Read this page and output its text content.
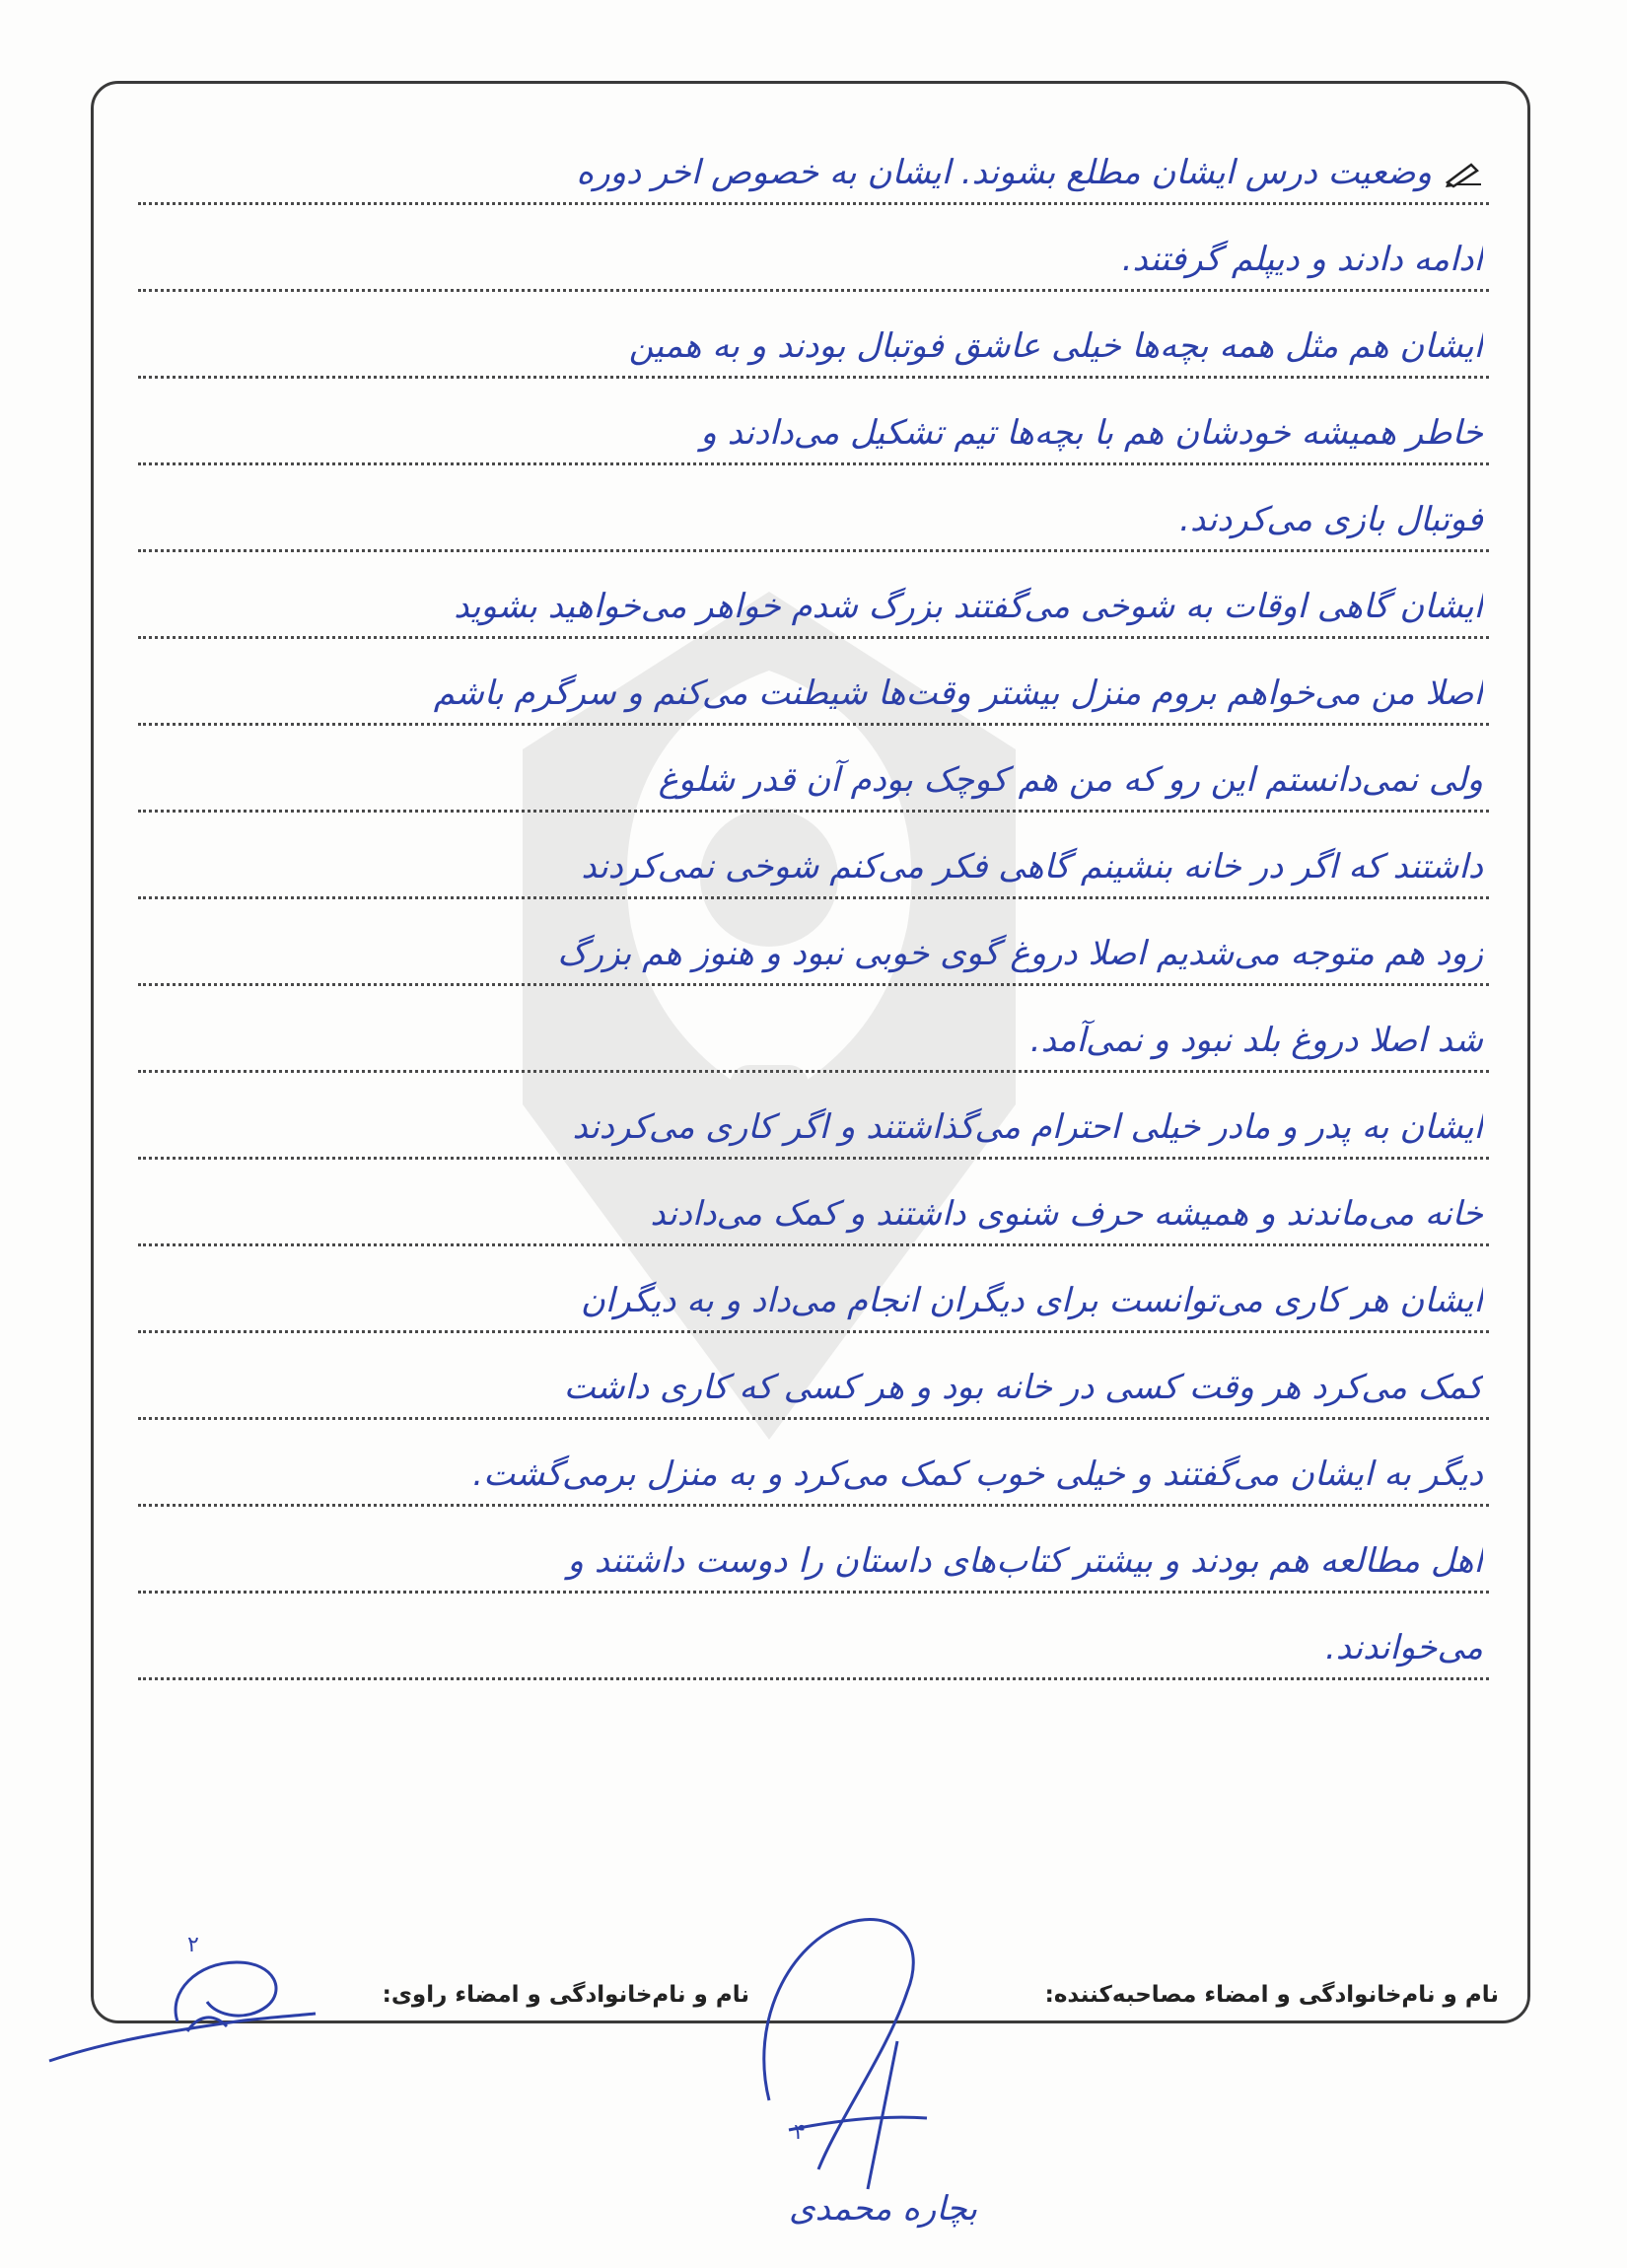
وضعیت درس ایشان مطلع بشوند. ایشان به خصوص اخر دوره
ادامه دادند و دیپلم گرفتند.
ایشان هم مثل همه بچه‌ها خیلی عاشق فوتبال بودند و به همین
خاطر همیشه خودشان هم با بچه‌ها تیم تشکیل می‌دادند و
فوتبال بازی می‌کردند.
ایشان گاهی اوقات به شوخی می‌گفتند بزرگ شدم خواهر می‌خواهید بشوید
اصلا من می‌خواهم بروم منزل بیشتر وقت‌ها شیطنت می‌کنم و سرگرم باشم
ولی نمی‌دانستم این رو که من هم کوچک بودم آن قدر شلوغ
داشتند که اگر در خانه بنشینم گاهی فکر می‌کنم شوخی نمی‌کردند
زود هم متوجه می‌شدیم اصلا دروغ گوی خوبی نبود و هنوز هم بزرگ
شد اصلا دروغ بلد نبود و نمی‌آمد.
ایشان به پدر و مادر خیلی احترام می‌گذاشتند و اگر کاری می‌کردند
خانه می‌ماندند و همیشه حرف شنوی داشتند و کمک می‌دادند
ایشان هر کاری می‌توانست برای دیگران انجام می‌داد و به دیگران
کمک می‌کرد هر وقت کسی در خانه بود و هر کسی که کاری داشت
دیگر به ایشان می‌گفتند و خیلی خوب کمک می‌کرد و به منزل برمی‌گشت.
اهل مطالعه هم بودند و بیشتر کتاب‌های داستان را دوست داشتند و
می‌خواندند.
نام و نام‌خانوادگی و امضاء مصاحبه‌کننده:
نام و نام‌خانوادگی و امضاء راوی:
۲
۴
بچاره محمدی
